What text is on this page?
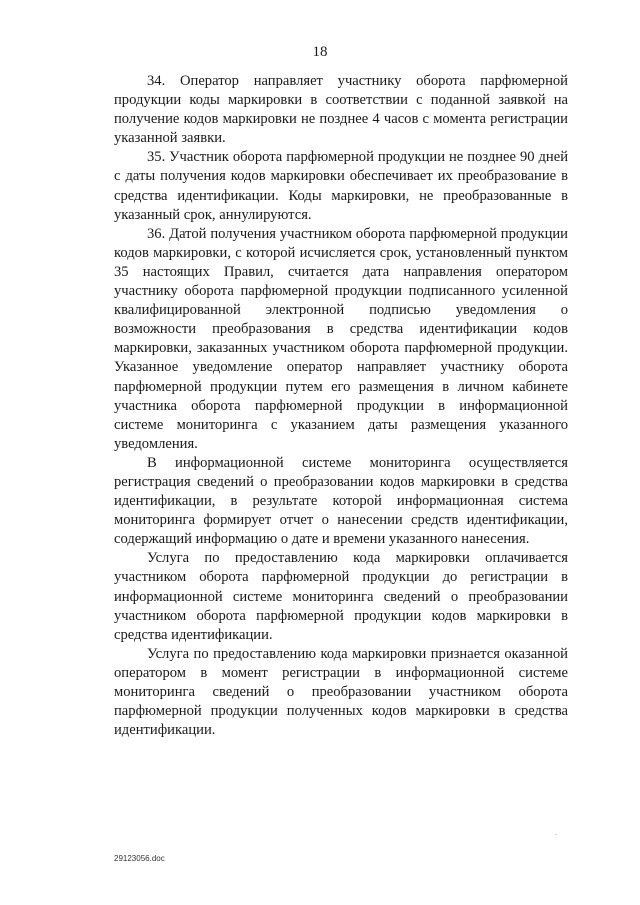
18

34. Оператор направляет участнику оборота парфюмерной продукции коды маркировки в соответствии с поданной заявкой на получение кодов маркировки не позднее 4 часов с момента регистрации указанной заявки.

35. Участник оборота парфюмерной продукции не позднее 90 дней с даты получения кодов маркировки обеспечивает их преобразование в средства идентификации. Коды маркировки, не преобразованные в указанный срок, аннулируются.

36. Датой получения участником оборота парфюмерной продукции кодов маркировки, с которой исчисляется срок, установленный пунктом 35 настоящих Правил, считается дата направления оператором участнику оборота парфюмерной продукции подписанного усиленной квалифицированной электронной подписью уведомления о возможности преобразования в средства идентификации кодов маркировки, заказанных участником оборота парфюмерной продукции. Указанное уведомление оператор направляет участнику оборота парфюмерной продукции путем его размещения в личном кабинете участника оборота парфюмерной продукции в информационной системе мониторинга с указанием даты размещения указанного уведомления.

В информационной системе мониторинга осуществляется регистрация сведений о преобразовании кодов маркировки в средства идентификации, в результате которой информационная система мониторинга формирует отчет о нанесении средств идентификации, содержащий информацию о дате и времени указанного нанесения.

Услуга по предоставлению кода маркировки оплачивается участником оборота парфюмерной продукции до регистрации в информационной системе мониторинга сведений о преобразовании участником оборота парфюмерной продукции кодов маркировки в средства идентификации.

Услуга по предоставлению кода маркировки признается оказанной оператором в момент регистрации в информационной системе мониторинга сведений о преобразовании участником оборота парфюмерной продукции полученных кодов маркировки в средства идентификации.

.
29123056.doc
